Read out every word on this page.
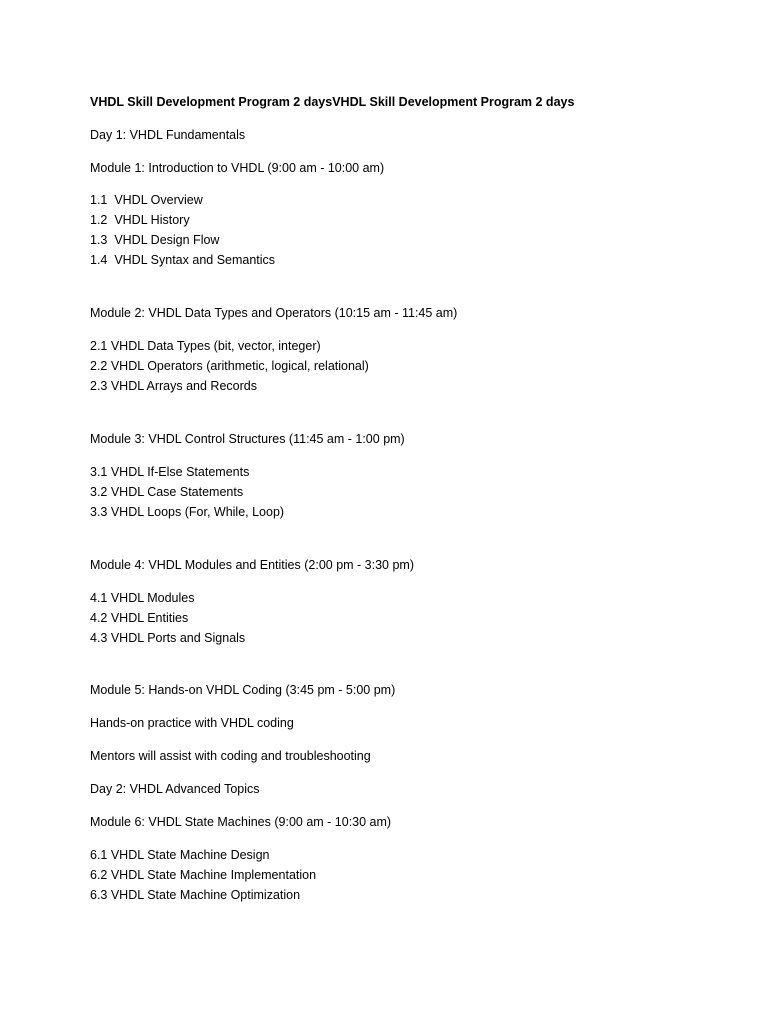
VHDL Skill Development Program 2 daysVHDL Skill Development Program 2 days
Day 1: VHDL Fundamentals
Module 1: Introduction to VHDL (9:00 am - 10:00 am)
1.1  VHDL Overview
1.2  VHDL History
1.3  VHDL Design Flow
1.4  VHDL Syntax and Semantics
Module 2: VHDL Data Types and Operators (10:15 am - 11:45 am)
2.1 VHDL Data Types (bit, vector, integer)
2.2 VHDL Operators (arithmetic, logical, relational)
2.3 VHDL Arrays and Records
Module 3: VHDL Control Structures (11:45 am - 1:00 pm)
3.1 VHDL If-Else Statements
3.2 VHDL Case Statements
3.3 VHDL Loops (For, While, Loop)
Module 4: VHDL Modules and Entities (2:00 pm - 3:30 pm)
4.1 VHDL Modules
4.2 VHDL Entities
4.3 VHDL Ports and Signals
Module 5: Hands-on VHDL Coding (3:45 pm - 5:00 pm)
Hands-on practice with VHDL coding
Mentors will assist with coding and troubleshooting
Day 2: VHDL Advanced Topics
Module 6: VHDL State Machines (9:00 am - 10:30 am)
6.1 VHDL State Machine Design
6.2 VHDL State Machine Implementation
6.3 VHDL State Machine Optimization
